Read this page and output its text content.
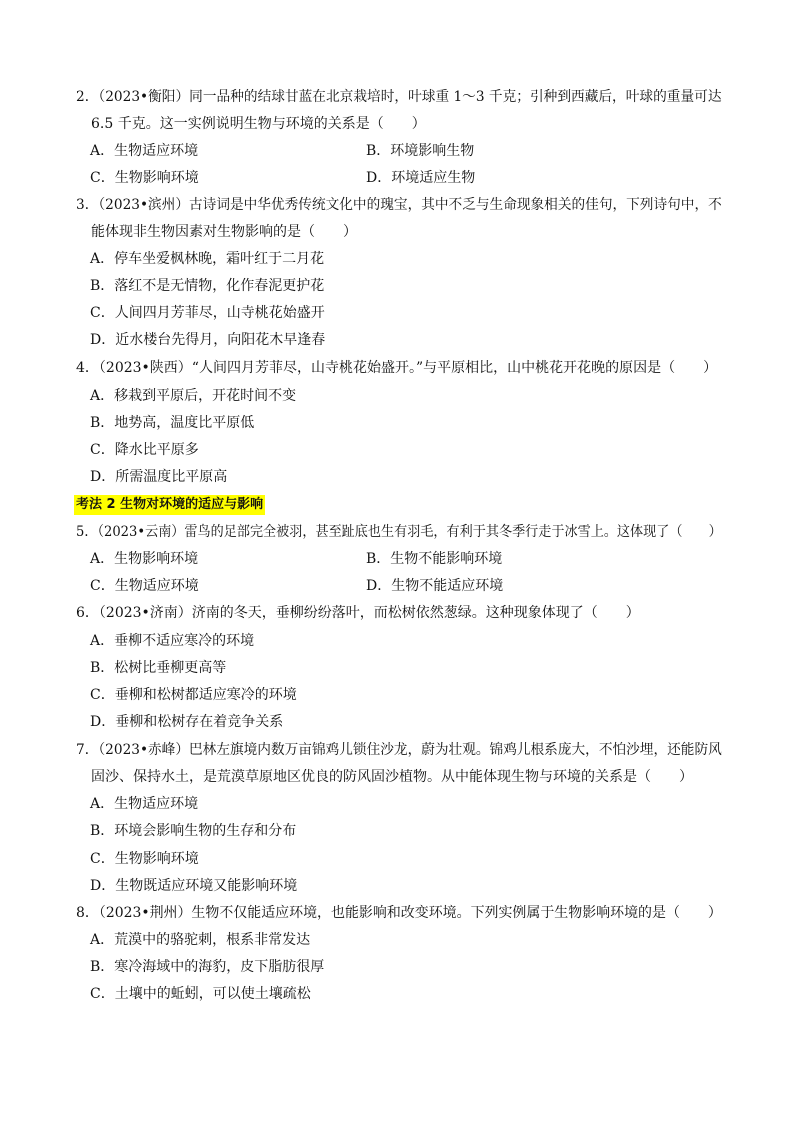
2．（2023•衡阳）同一品种的结球甘蓝在北京栽培时，叶球重 1～3 千克；引种到西藏后，叶球的重量可达
6.5 千克。这一实例说明生物与环境的关系是（　　）
A．生物适应环境	B．环境影响生物
C．生物影响环境	D．环境适应生物
3．（2023•滨州）古诗词是中华优秀传统文化中的瑰宝，其中不乏与生命现象相关的佳句，下列诗句中，不
能体现非生物因素对生物影响的是（　　）
A．停车坐爱枫林晚，霜叶红于二月花
B．落红不是无情物，化作春泥更护花
C．人间四月芳菲尽，山寺桃花始盛开
D．近水楼台先得月，向阳花木早逢春
4．（2023•陕西）“人间四月芳菲尽，山寺桃花始盛开。”与平原相比，山中桃花开花晚的原因是（　　）
A．移栽到平原后，开花时间不变
B．地势高，温度比平原低
C．降水比平原多
D．所需温度比平原高
考法 2 生物对环境的适应与影响
5．（2023•云南）雷鸟的足部完全被羽，甚至趾底也生有羽毛，有利于其冬季行走于冰雪上。这体现了（　　）
A．生物影响环境	B．生物不能影响环境
C．生物适应环境	D．生物不能适应环境
6．（2023•济南）济南的冬天，垂柳纷纷落叶，而松树依然葱绿。这种现象体现了（　　）
A．垂柳不适应寒冷的环境
B．松树比垂柳更高等
C．垂柳和松树都适应寒冷的环境
D．垂柳和松树存在着竞争关系
7．（2023•赤峰）巴林左旗境内数万亩锦鸡儿锁住沙龙，蔚为壮观。锦鸡儿根系庞大，不怕沙埋，还能防风
固沙、保持水土，是荒漠草原地区优良的防风固沙植物。从中能体现生物与环境的关系是（　　）
A．生物适应环境
B．环境会影响生物的生存和分布
C．生物影响环境
D．生物既适应环境又能影响环境
8．（2023•荆州）生物不仅能适应环境，也能影响和改变环境。下列实例属于生物影响环境的是（　　）
A．荒漠中的骆驼刺，根系非常发达
B．寒冷海域中的海豹，皮下脂肪很厚
C．土壤中的蚯蚓，可以使土壤疏松
